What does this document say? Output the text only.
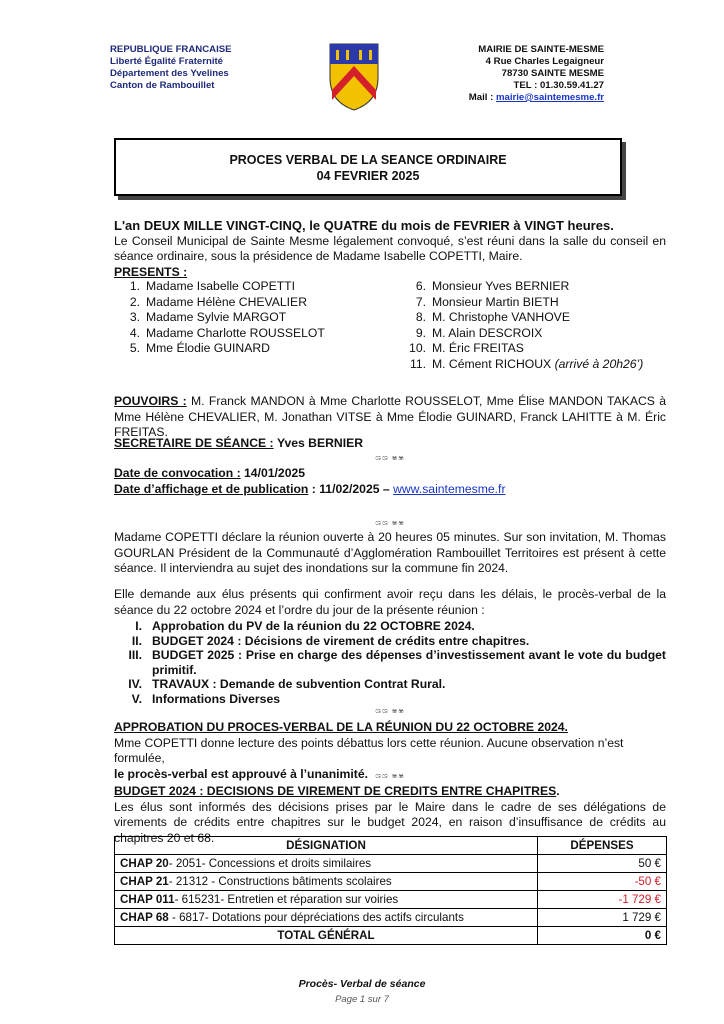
REPUBLIQUE FRANCAISE
Liberté Égalité Fraternité
Département des Yvelines
Canton de Rambouillet
MAIRIE DE SAINTE-MESME
4 Rue Charles Legaigneur
78730 SAINTE MESME
TEL : 01.30.59.41.27
Mail : mairie@saintemesme.fr
PROCES VERBAL DE LA SEANCE ORDINAIRE
04 FEVRIER 2025
L'an DEUX MILLE VINGT-CINQ, le QUATRE du mois de FEVRIER à VINGT heures.
Le Conseil Municipal de Sainte Mesme légalement convoqué, s’est réuni dans la salle du conseil en séance ordinaire, sous la présidence de Madame Isabelle COPETTI, Maire.
PRESENTS :
1. Madame Isabelle COPETTI
2. Madame Hélène CHEVALIER
3. Madame Sylvie MARGOT
4. Madame Charlotte ROUSSELOT
5. Mme Élodie GUINARD
6. Monsieur Yves BERNIER
7. Monsieur Martin BIETH
8. M. Christophe VANHOVE
9. M. Alain DESCROIX
10. M. Éric FREITAS
11. M. Cément RICHOUX (arrivé à 20h26’)
POUVOIRS : M. Franck MANDON à Mme Charlotte ROUSSELOT, Mme Élise MANDON TAKACS à Mme Hélène CHEVALIER, M. Jonathan VITSE à Mme Élodie GUINARD, Franck LAHITTE à M. Éric FREITAS.
SECRETAIRE DE SÉANCE : Yves BERNIER
ශශ ෂෂ
Date de convocation : 14/01/2025
Date d’affichage et de publication : 11/02/2025 – www.saintemesme.fr
ශශ ෂෂ
Madame COPETTI déclare la réunion ouverte à 20 heures 05 minutes. Sur son invitation, M. Thomas GOURLAN Président de la Communauté d’Agglomération Rambouillet Territoires est présent à cette séance. Il interviendra au sujet des inondations sur la commune fin 2024.
Elle demande aux élus présents qui confirment avoir reçu dans les délais, le procès-verbal de la séance du 22 octobre 2024 et l’ordre du jour de la présente réunion :
I. Approbation du PV de la réunion du 22 OCTOBRE 2024.
II. BUDGET 2024 : Décisions de virement de crédits entre chapitres.
III. BUDGET 2025 : Prise en charge des dépenses d’investissement avant le vote du budget primitif.
IV. TRAVAUX : Demande de subvention Contrat Rural.
V. Informations Diverses
ශශ ෂෂ
APPROBATION DU PROCES-VERBAL DE LA RÉUNION DU 22 OCTOBRE 2024.
Mme COPETTI donne lecture des points débattus lors cette réunion. Aucune observation n’est formulée,
le procès-verbal est approuvé à l’unanimité. ශශ ෂෂ
BUDGET 2024 : DECISIONS DE VIREMENT DE CREDITS ENTRE CHAPITRES.
Les élus sont informés des décisions prises par le Maire dans le cadre de ses délégations de virements de crédits entre chapitres sur le budget 2024, en raison d’insuffisance de crédits au chapitres 20 et 68.
DÉSIGNATION	DÉPENSES
CHAP 20- 2051- Concessions et droits similaires	50 €
CHAP 21- 21312 - Constructions bâtiments scolaires	-50 €
CHAP 011- 615231- Entretien et réparation sur voiries	-1 729 €
CHAP 68 - 6817- Dotations pour dépréciations des actifs circulants	1 729 €
TOTAL GÉNÉRAL	0 €
Procès- Verbal de séance
Page 1 sur 7
